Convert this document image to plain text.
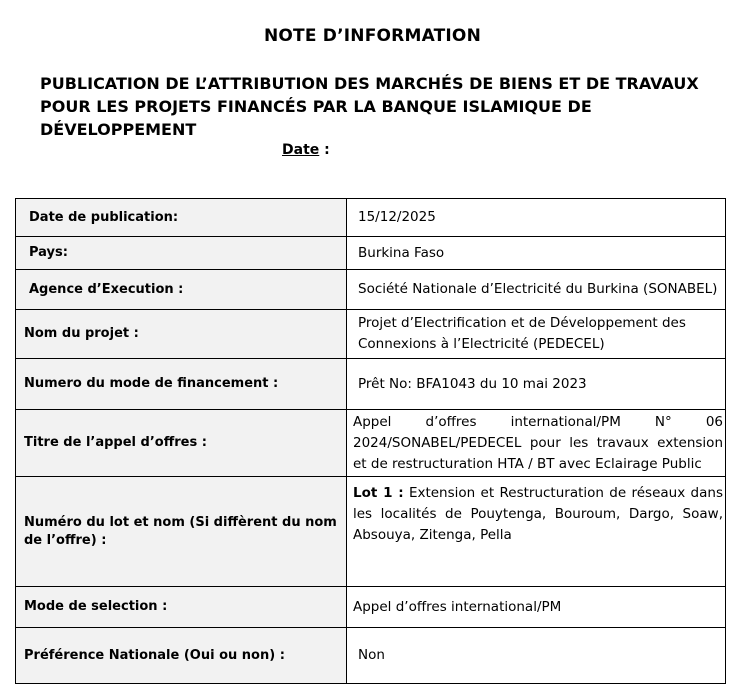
NOTE D’INFORMATION
PUBLICATION DE L’ATTRIBUTION DES MARCHÉS DE BIENS ET DE TRAVAUX POUR LES PROJETS FINANCÉS PAR LA BANQUE ISLAMIQUE DE DÉVELOPPEMENT
Date :
Date de publication:	15/12/2025
Pays:	Burkina Faso
Agence d’Execution :	Société Nationale d’Electricité du Burkina (SONABEL)
Nom du projet :	Projet d’Electrification et de Développement des Connexions à l’Electricité (PEDECEL)
Numero du mode de financement :	Prêt No: BFA1043 du 10 mai 2023
Titre de l’appel d’offres :	Appel d’offres international/PM N° 06 2024/SONABEL/PEDECEL pour les travaux extension et de restructuration HTA / BT avec Eclairage Public
Numéro du lot et nom (Si diffèrent du nom de l’offre) :	Lot 1 : Extension et Restructuration de réseaux dans les localités de Pouytenga, Bouroum, Dargo, Soaw, Absouya, Zitenga, Pella
Mode de selection :	Appel d’offres international/PM
Préférence Nationale (Oui ou non) :	Non
